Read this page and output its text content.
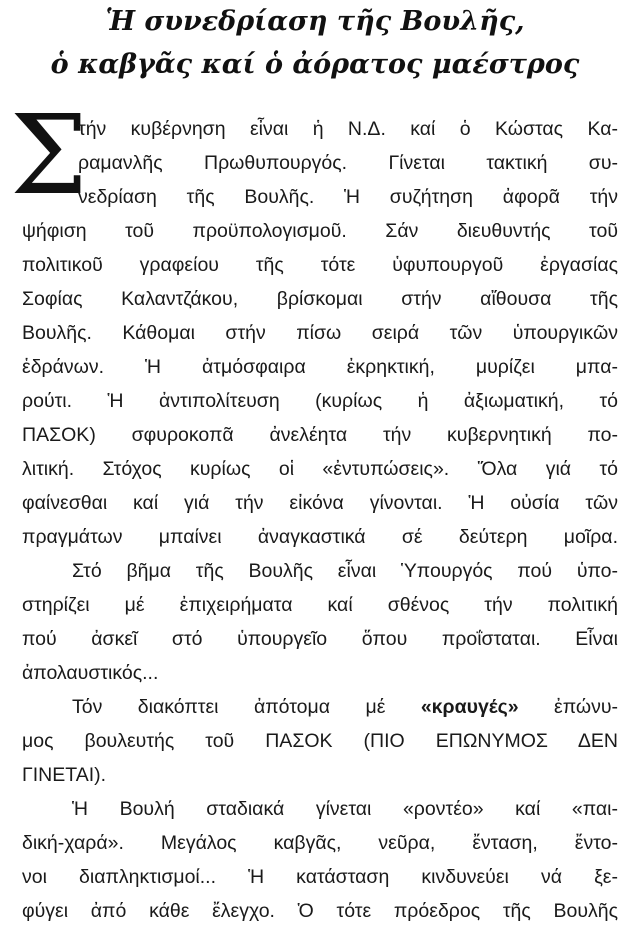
Ἡ συνεδρίαση τῆς Βουλῆς,
ὁ καβγᾶς καί ὁ ἀόρατος μαέστρος
Σ
τήν κυβέρνηση εἶναι ἡ Ν.Δ. καί ὁ Κώστας Κα-
ραμανλῆς Πρωθυπουργός. Γίνεται τακτική συ-
νεδρίαση τῆς Βουλῆς. Ἡ συζήτηση ἀφορᾶ τήν
ψήφιση τοῦ προϋπολογισμοῦ. Σάν διευθυντής τοῦ
πολιτικοῦ γραφείου τῆς τότε ὑφυπουργοῦ ἐργασίας
Σοφίας Καλαντζάκου, βρίσκομαι στήν αἴθουσα τῆς
Βουλῆς. Κάθομαι στήν πίσω σειρά τῶν ὑπουργικῶν
ἑδράνων. Ἡ ἀτμόσφαιρα ἐκρηκτική, μυρίζει μπα-
ρούτι. Ἡ ἀντιπολίτευση (κυρίως ἡ ἀξιωματική, τό
ΠΑΣΟΚ) σφυροκοπᾶ ἀνελέητα τήν κυβερνητική πο-
λιτική. Στόχος κυρίως οἱ «ἐντυπώσεις». Ὅλα γιά τό
φαίνεσθαι καί γιά τήν εἰκόνα γίνονται. Ἡ οὐσία τῶν
πραγμάτων μπαίνει ἀναγκαστικά σέ δεύτερη μοῖρα.
Στό βῆμα τῆς Βουλῆς εἶναι Ὑπουργός πού ὑπο-
στηρίζει μέ ἐπιχειρήματα καί σθένος τήν πολιτική
πού ἀσκεῖ στό ὑπουργεῖο ὅπου προΐσταται. Εἶναι
ἀπολαυστικός...
Τόν διακόπτει ἀπότομα μέ «κραυγές» ἐπώνυ-
μος βουλευτής τοῦ ΠΑΣΟΚ (ΠΙΟ ΕΠΩΝΥΜΟΣ ΔΕΝ
ΓΙΝΕΤΑΙ).
Ἡ Βουλή σταδιακά γίνεται «ροντέο» καί «παι-
δική-χαρά». Μεγάλος καβγᾶς, νεῦρα, ἔνταση, ἔντο-
νοι διαπληκτισμοί... Ἡ κατάσταση κινδυνεύει νά ξε-
φύγει ἀπό κάθε ἔλεγχο. Ὁ τότε πρόεδρος τῆς Βουλῆς
